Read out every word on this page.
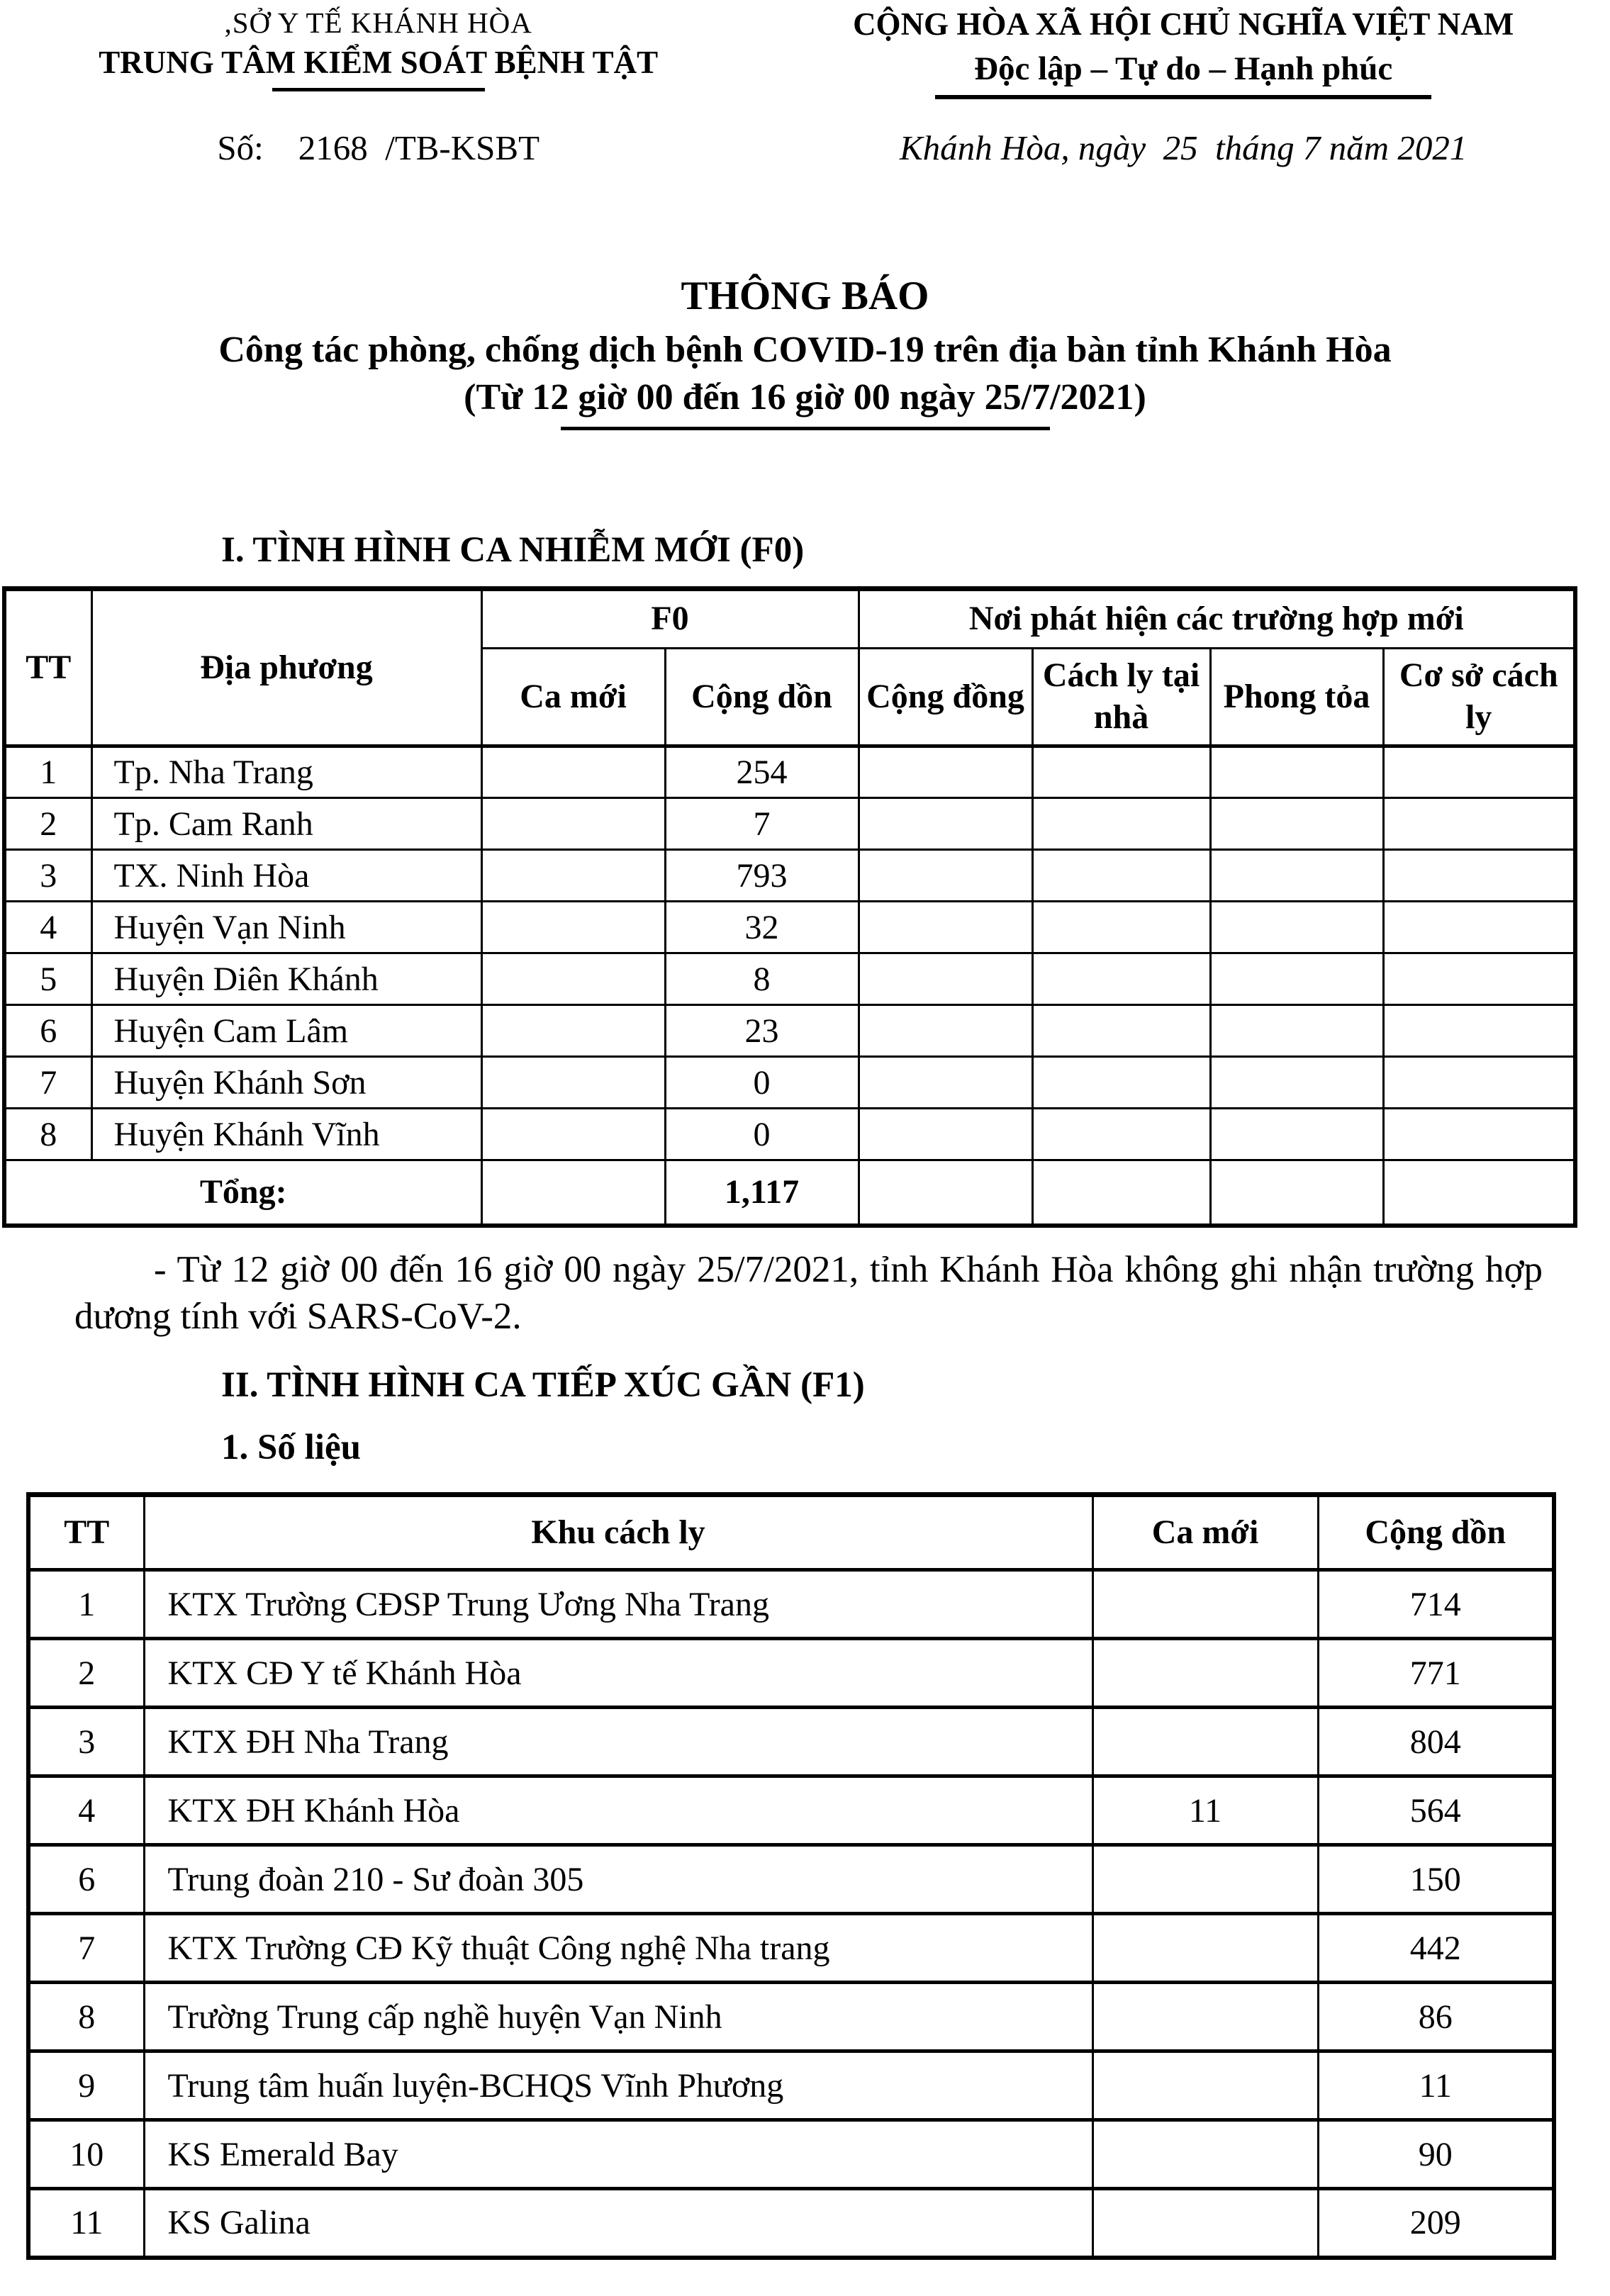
,SỞ Y TẾ KHÁNH HÒA
TRUNG TÂM KIỂM SOÁT BỆNH TẬT
CỘNG HÒA XÃ HỘI CHỦ NGHĨA VIỆT NAM
Độc lập – Tự do – Hạnh phúc
Số:    2168  /TB-KSBT	Khánh Hòa, ngày  25  tháng 7 năm 2021
THÔNG BÁO
Công tác phòng, chống dịch bệnh COVID-19 trên địa bàn tỉnh Khánh Hòa
(Từ 12 giờ 00 đến 16 giờ 00 ngày 25/7/2021)
I. TÌNH HÌNH CA NHIỄM MỚI (F0)
TT	Địa phương	F0		Nơi phát hiện các trường hợp mới			
		Ca mới	Cộng dồn	Cộng đồng	Cách ly tại nhà	Phong tỏa	Cơ sở cách ly
1	Tp. Nha Trang		254				
2	Tp. Cam Ranh		7				
3	TX. Ninh Hòa		793				
4	Huyện Vạn Ninh		32				
5	Huyện Diên Khánh		8				
6	Huyện Cam Lâm		23				
7	Huyện Khánh Sơn		0				
8	Huyện Khánh Vĩnh		0				
Tổng:			1,117				

- Từ 12 giờ 00 đến 16 giờ 00 ngày 25/7/2021, tỉnh Khánh Hòa không ghi nhận trường hợp dương tính với SARS-CoV-2.

II. TÌNH HÌNH CA TIẾP XÚC GẦN (F1)
1. Số liệu
TT	Khu cách ly	Ca mới	Cộng dồn
1	KTX Trường CĐSP Trung Ương Nha Trang		714
2	KTX CĐ Y tế Khánh Hòa		771
3	KTX ĐH Nha Trang		804
4	KTX ĐH Khánh Hòa	11	564
6	Trung đoàn 210 - Sư đoàn 305		150
7	KTX Trường CĐ Kỹ thuật Công nghệ Nha trang		442
8	Trường Trung cấp nghề huyện Vạn Ninh		86
9	Trung tâm huấn luyện-BCHQS Vĩnh Phương		11
10	KS Emerald Bay		90
11	KS Galina		209
